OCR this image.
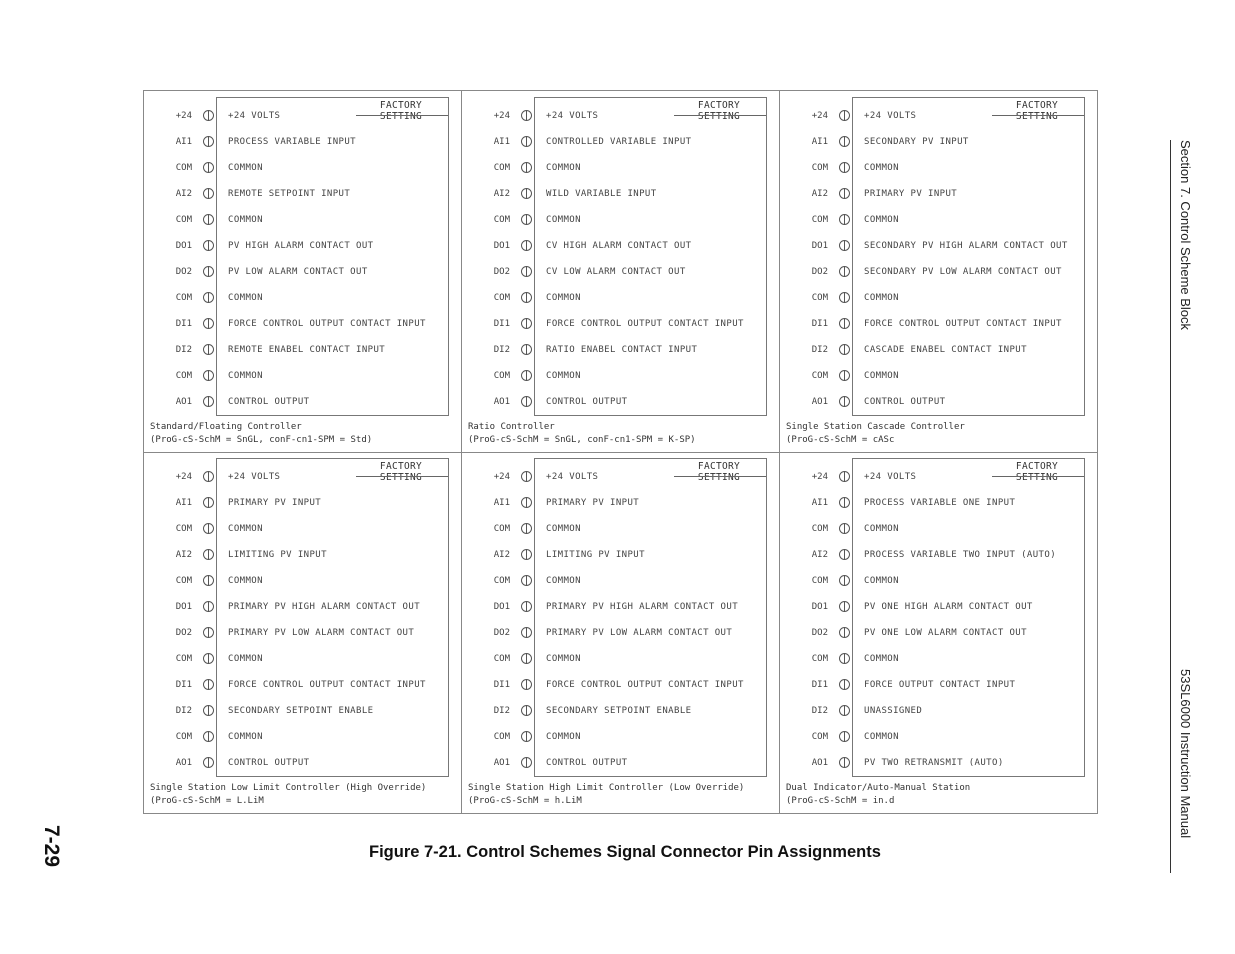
FACTORY SETTING
+24	+24 VOLTS
AI1	PROCESS VARIABLE INPUT
COM	COMMON
AI2	REMOTE SETPOINT INPUT
COM	COMMON
DO1	PV HIGH ALARM CONTACT OUT
DO2	PV LOW ALARM CONTACT OUT
COM	COMMON
DI1	FORCE CONTROL OUTPUT CONTACT INPUT
DI2	REMOTE ENABEL CONTACT INPUT
COM	COMMON
AO1	CONTROL OUTPUT
Standard/Floating Controller
(ProG-cS-SchM = SnGL, conF-cn1-SPM = Std)
FACTORY SETTING
+24	+24 VOLTS
AI1	CONTROLLED VARIABLE INPUT
COM	COMMON
AI2	WILD VARIABLE INPUT
COM	COMMON
DO1	CV HIGH ALARM CONTACT OUT
DO2	CV LOW ALARM CONTACT OUT
COM	COMMON
DI1	FORCE CONTROL OUTPUT CONTACT INPUT
DI2	RATIO ENABEL CONTACT INPUT
COM	COMMON
AO1	CONTROL OUTPUT
Ratio Controller
(ProG-cS-SchM = SnGL, conF-cn1-SPM = K-SP)
FACTORY SETTING
+24	+24 VOLTS
AI1	SECONDARY PV INPUT
COM	COMMON
AI2	PRIMARY PV INPUT
COM	COMMON
DO1	SECONDARY PV HIGH ALARM CONTACT OUT
DO2	SECONDARY PV LOW ALARM CONTACT OUT
COM	COMMON
DI1	FORCE CONTROL OUTPUT CONTACT INPUT
DI2	CASCADE ENABEL CONTACT INPUT
COM	COMMON
AO1	CONTROL OUTPUT
Single Station Cascade Controller
(ProG-cS-SchM = cASc
FACTORY SETTING
+24	+24 VOLTS
AI1	PRIMARY PV INPUT
COM	COMMON
AI2	LIMITING PV INPUT
COM	COMMON
DO1	PRIMARY PV HIGH ALARM CONTACT OUT
DO2	PRIMARY PV LOW ALARM CONTACT OUT
COM	COMMON
DI1	FORCE CONTROL OUTPUT CONTACT INPUT
DI2	SECONDARY SETPOINT ENABLE
COM	COMMON
AO1	CONTROL OUTPUT
Single Station Low Limit Controller (High Override)
(ProG-cS-SchM = L.LiM
FACTORY SETTING
+24	+24 VOLTS
AI1	PRIMARY PV INPUT
COM	COMMON
AI2	LIMITING PV INPUT
COM	COMMON
DO1	PRIMARY PV HIGH ALARM CONTACT OUT
DO2	PRIMARY PV LOW ALARM CONTACT OUT
COM	COMMON
DI1	FORCE CONTROL OUTPUT CONTACT INPUT
DI2	SECONDARY SETPOINT ENABLE
COM	COMMON
AO1	CONTROL OUTPUT
Single Station High Limit Controller (Low Override)
(ProG-cS-SchM = h.LiM
FACTORY SETTING
+24	+24 VOLTS
AI1	PROCESS VARIABLE ONE INPUT
COM	COMMON
AI2	PROCESS VARIABLE TWO INPUT (AUTO)
COM	COMMON
DO1	PV ONE HIGH ALARM CONTACT OUT
DO2	PV ONE LOW ALARM CONTACT OUT
COM	COMMON
DI1	FORCE OUTPUT CONTACT INPUT
DI2	UNASSIGNED
COM	COMMON
AO1	PV TWO RETRANSMIT (AUTO)
Dual Indicator/Auto-Manual Station
(ProG-cS-SchM = in.d
Figure 7-21. Control Schemes Signal Connector Pin Assignments
7-29
Section 7. Control Scheme Block
53SL6000 Instruction Manual
